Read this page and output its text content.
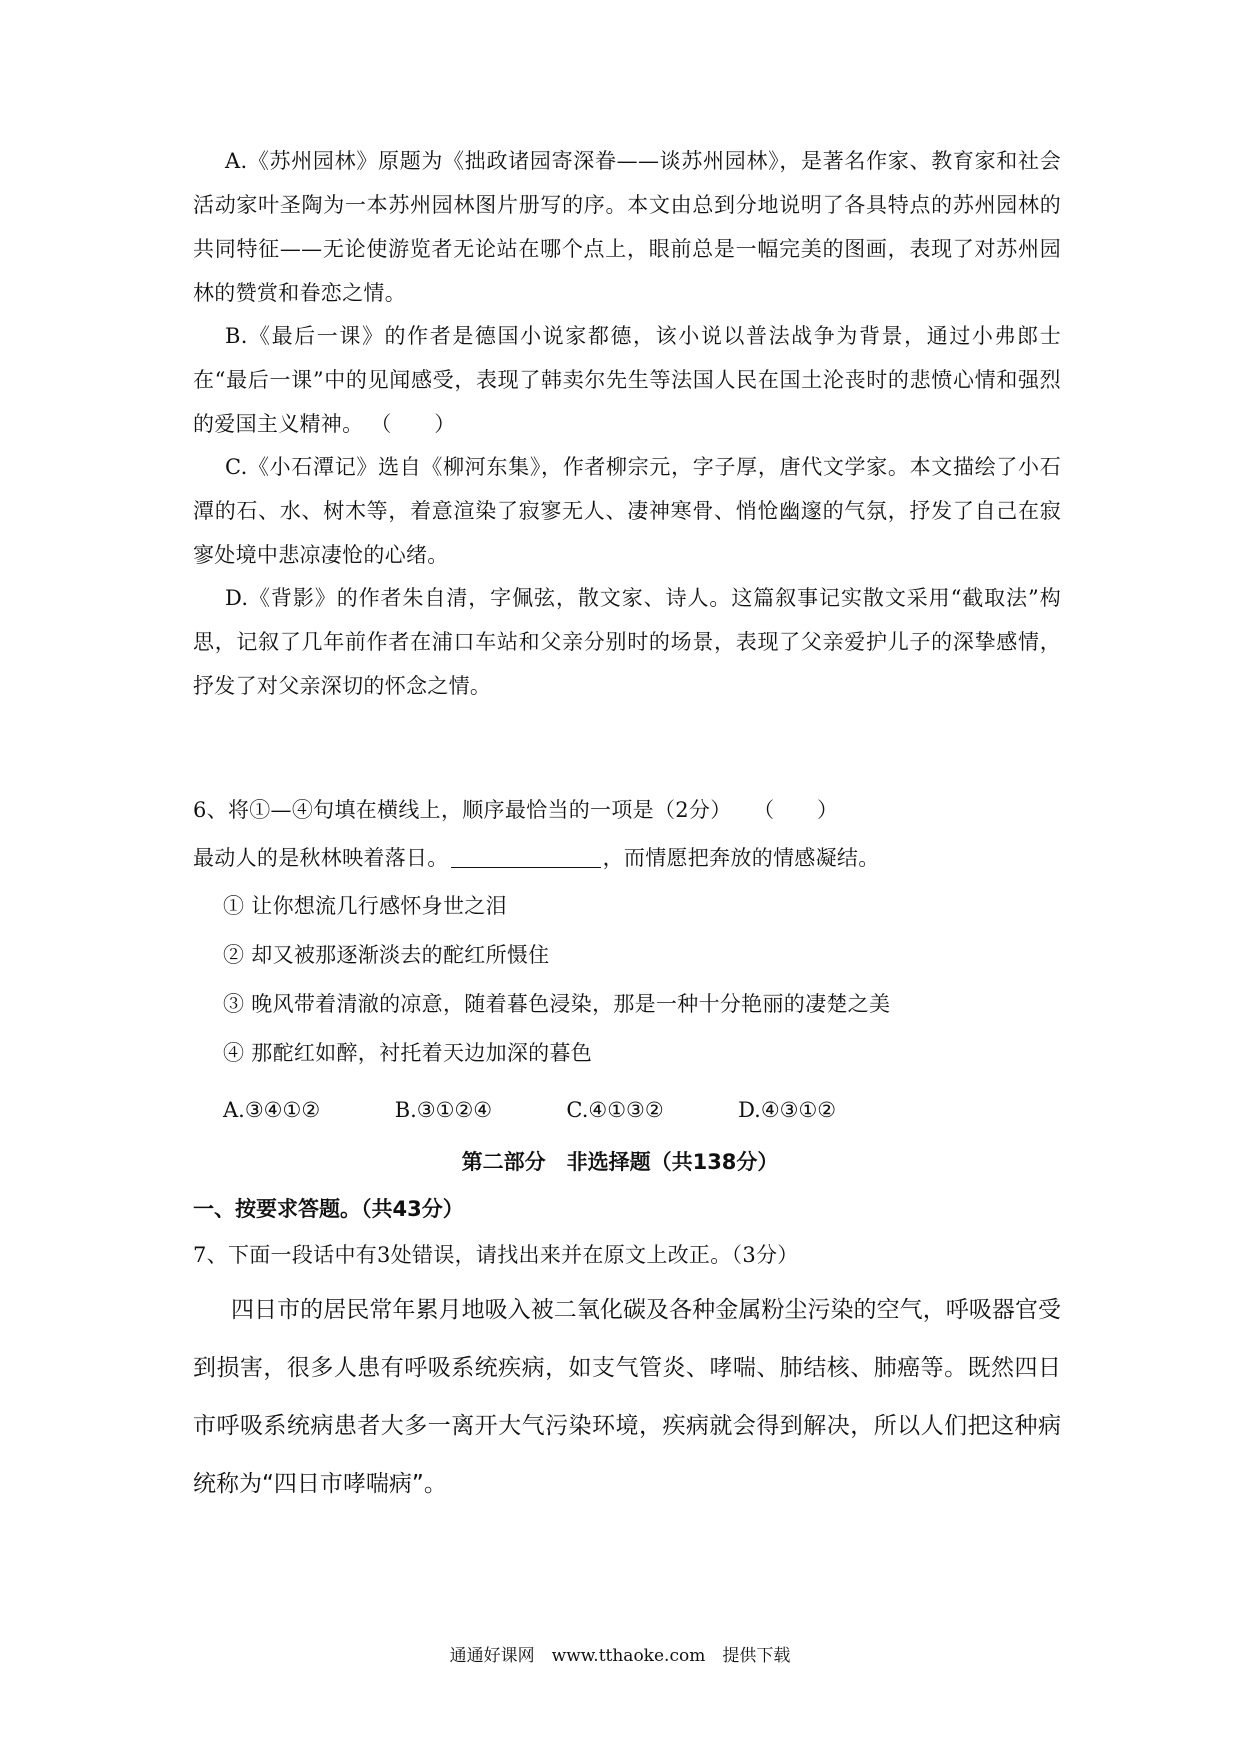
A.《苏州园林》原题为《拙政诸园寄深眷——谈苏州园林》，是著名作家、教育家和社会活动家叶圣陶为一本苏州园林图片册写的序。本文由总到分地说明了各具特点的苏州园林的共同特征——无论使游览者无论站在哪个点上，眼前总是一幅完美的图画，表现了对苏州园林的赞赏和眷恋之情。
B.《最后一课》的作者是德国小说家都德，该小说以普法战争为背景，通过小弗郎士在“最后一课”中的见闻感受，表现了韩卖尔先生等法国人民在国土沦丧时的悲愤心情和强烈的爱国主义精神。 （　　）
C.《小石潭记》选自《柳河东集》，作者柳宗元，字子厚，唐代文学家。本文描绘了小石潭的石、水、树木等，着意渲染了寂寥无人、凄神寒骨、悄怆幽邃的气氛，抒发了自己在寂寥处境中悲凉凄怆的心绪。
D.《背影》的作者朱自清，字佩弦，散文家、诗人。这篇叙事记实散文采用“截取法”构思，记叙了几年前作者在浦口车站和父亲分别时的场景，表现了父亲爱护儿子的深挚感情，抒发了对父亲深切的怀念之情。
6、将①—④句填在横线上，顺序最恰当的一项是（2分）　　（　　）
最动人的是秋林映着落日。	，而情愿把奔放的情感凝结。
① 让你想流几行感怀身世之泪
② 却又被那逐渐淡去的酡红所慑住
③ 晚风带着清澈的凉意，随着暮色浸染，那是一种十分艳丽的凄楚之美
④ 那酡红如醉，衬托着天边加深的暮色
A.③④①②	B.③①②④	C.④①③②	D.④③①②
第二部分　非选择题（共138分）
一、按要求答题。（共43分）
7、下面一段话中有3处错误，请找出来并在原文上改正。（3分）
四日市的居民常年累月地吸入被二氧化碳及各种金属粉尘污染的空气，呼吸器官受到损害，很多人患有呼吸系统疾病，如支气管炎、哮喘、肺结核、肺癌等。既然四日市呼吸系统病患者大多一离开大气污染环境，疾病就会得到解决，所以人们把这种病统称为“四日市哮喘病”。
通通好课网　www.tthaoke.com　提供下载
